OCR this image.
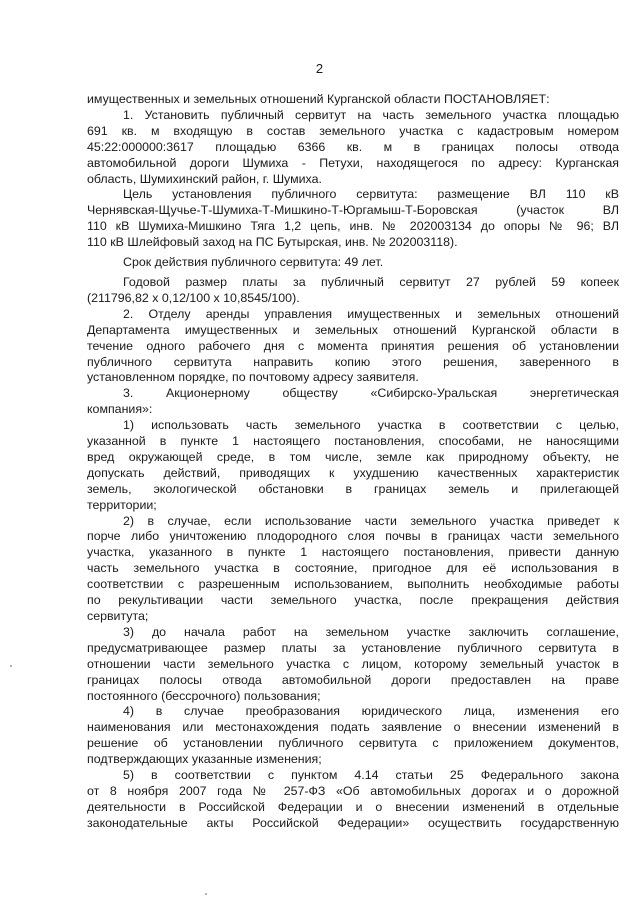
2
имущественных и земельных отношений Курганской области ПОСТАНОВЛЯЕТ:
1. Установить публичный сервитут на часть земельного участка площадью
691 кв. м входящую в состав земельного участка с кадастровым номером
45:22:000000:3617 площадью 6366 кв. м в границах полосы отвода
автомобильной дороги Шумиха - Петухи, находящегося по адресу: Курганская
область, Шумихинский район, г. Шумиха.
Цель установления публичного сервитута: размещение ВЛ 110 кВ
Чернявская-Щучье-Т-Шумиха-Т-Мишкино-Т-Юргамыш-Т-Боровская (участок ВЛ
110 кВ Шумиха-Мишкино Тяга 1,2 цепь, инв. № 202003134 до опоры № 96; ВЛ
110 кВ Шлейфовый заход на ПС Бутырская, инв. № 202003118).
Срок действия публичного сервитута: 49 лет.
Годовой размер платы за публичный сервитут 27 рублей 59 копеек
(211796,82 х 0,12/100 х 10,8545/100).
2. Отделу аренды управления имущественных и земельных отношений
Департамента имущественных и земельных отношений Курганской области в
течение одного рабочего дня с момента принятия решения об установлении
публичного сервитута направить копию этого решения, заверенного в
установленном порядке, по почтовому адресу заявителя.
3. Акционерному обществу «Сибирско-Уральская энергетическая
компания»:
1) использовать часть земельного участка в соответствии с целью,
указанной в пункте 1 настоящего постановления, способами, не наносящими
вред окружающей среде, в том числе, земле как природному объекту, не
допускать действий, приводящих к ухудшению качественных характеристик
земель, экологической обстановки в границах земель и прилегающей
территории;
2) в случае, если использование части земельного участка приведет к
порче либо уничтожению плодородного слоя почвы в границах части земельного
участка, указанного в пункте 1 настоящего постановления, привести данную
часть земельного участка в состояние, пригодное для её использования в
соответствии с разрешенным использованием, выполнить необходимые работы
по рекультивации части земельного участка, после прекращения действия
сервитута;
3) до начала работ на земельном участке заключить соглашение,
предусматривающее размер платы за установление публичного сервитута в
отношении части земельного участка с лицом, которому земельный участок в
границах полосы отвода автомобильной дороги предоставлен на праве
постоянного (бессрочного) пользования;
4) в случае преобразования юридического лица, изменения его
наименования или местонахождения подать заявление о внесении изменений в
решение об установлении публичного сервитута с приложением документов,
подтверждающих указанные изменения;
5) в соответствии с пунктом 4.14 статьи 25 Федерального закона
от 8 ноября 2007 года № 257-ФЗ «Об автомобильных дорогах и о дорожной
деятельности в Российской Федерации и о внесении изменений в отдельные
законодательные акты Российской Федерации» осуществить государственную
